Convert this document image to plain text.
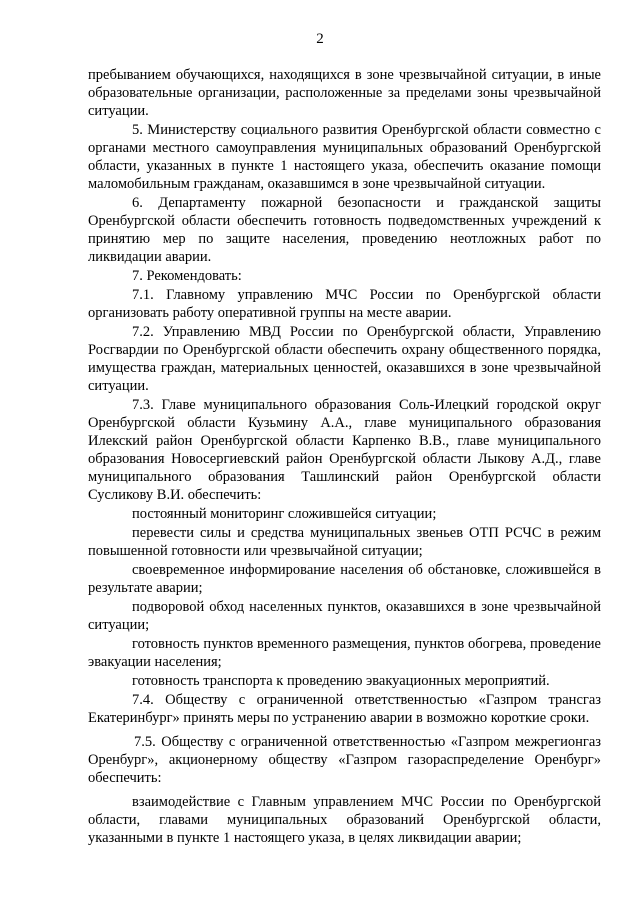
2

пребыванием обучающихся, находящихся в зоне чрезвычайной ситуации, в иные образовательные организации, расположенные за пределами зоны чрезвычайной ситуации.

5. Министерству социального развития Оренбургской области совместно с органами местного самоуправления муниципальных образований Оренбургской области, указанных в пункте 1 настоящего указа, обеспечить оказание помощи маломобильным гражданам, оказавшимся в зоне чрезвычайной ситуации.

6. Департаменту пожарной безопасности и гражданской защиты Оренбургской области обеспечить готовность подведомственных учреждений к принятию мер по защите населения, проведению неотложных работ по ликвидации аварии.

7. Рекомендовать:

7.1. Главному управлению МЧС России по Оренбургской области организовать работу оперативной группы на месте аварии.

7.2. Управлению МВД России по Оренбургской области, Управлению Росгвардии по Оренбургской области обеспечить охрану общественного порядка, имущества граждан, материальных ценностей, оказавшихся в зоне чрезвычайной ситуации.

7.3. Главе муниципального образования Соль-Илецкий городской округ Оренбургской области Кузьмину А.А., главе муниципального образования Илекский район Оренбургской области Карпенко В.В., главе муниципального образования Новосергиевский район Оренбургской области Лыкову А.Д., главе муниципального образования Ташлинский район Оренбургской области Сусликову В.И. обеспечить:

постоянный мониторинг сложившейся ситуации;

перевести силы и средства муниципальных звеньев ОТП РСЧС в режим повышенной готовности или чрезвычайной ситуации;

своевременное информирование населения об обстановке, сложившейся в результате аварии;

подворовой обход населенных пунктов, оказавшихся в зоне чрезвычайной ситуации;

готовность пунктов временного размещения, пунктов обогрева, проведение эвакуации населения;

готовность транспорта к проведению эвакуационных мероприятий.

7.4. Обществу с ограниченной ответственностью «Газпром трансгаз Екатеринбург» принять меры по устранению аварии в возможно короткие сроки.

7.5. Обществу с ограниченной ответственностью «Газпром межрегионгаз Оренбург», акционерному обществу «Газпром газораспределение Оренбург» обеспечить:

взаимодействие с Главным управлением МЧС России по Оренбургской области, главами муниципальных образований Оренбургской области, указанными в пункте 1 настоящего указа, в целях ликвидации аварии;
